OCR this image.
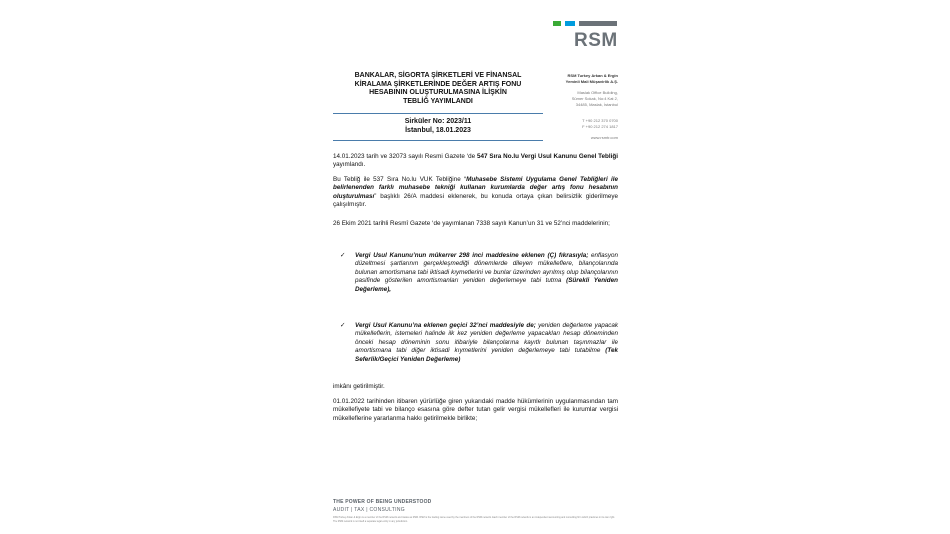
RSM
RSM Turkey Arkan & Ergin
Yeminli Mali Müşavirlik A.Ş.
Maslak Office Building,
Sümer Sokak, No:4 Kat 2,
34485, Maslak, İstanbul
T +90 212 370 0700
F +90 212 274 1817
www.rsmtr.com
BANKALAR, SİGORTA ŞİRKETLERİ VE FİNANSAL
KİRALAMA ŞİRKETLERİNDE DEĞER ARTIŞ FONU
HESABININ OLUŞTURULMASINA İLİŞKİN
TEBLİĞ YAYIMLANDI
Sirküler No: 2023/11
İstanbul, 18.01.2023
14.01.2023 tarih ve 32073 sayılı Resmi Gazete ‘de 547 Sıra No.lu Vergi Usul Kanunu Genel Tebliği yayımlandı.
Bu Tebliğ ile 537 Sıra No.lu VUK Tebliğine “Muhasebe Sistemi Uygulama Genel Tebliğleri ile belirlenenden farklı muhasebe tekniği kullanan kurumlarda değer artış fonu hesabının oluşturulması” başlıklı 26/A maddesi eklenerek, bu konuda ortaya çıkan belirsizlik giderilmeye çalışılmıştır.
26 Ekim 2021 tarihli Resmî Gazete ‘de yayımlanan 7338 sayılı Kanun’un 31 ve 52’nci maddelerinin;
✓ Vergi Usul Kanunu’nun mükerrer 298 inci maddesine eklenen (Ç) fıkrasıyla; enflasyon düzeltmesi şartlarının gerçekleşmediği dönemlerde dileyen mükelleflere, bilançolarında bulunan amortismana tabi iktisadi kıymetlerini ve bunlar üzerinden ayrılmış olup bilançolarının pasifinde gösterilen amortismanları yeniden değerlemeye tabi tutma (Sürekli Yeniden Değerleme),
✓ Vergi Usul Kanunu’na eklenen geçici 32’nci maddesiyle de; yeniden değerleme yapacak mükelleflerin, istemeleri halinde ilk kez yeniden değerleme yapacakları hesap döneminden önceki hesap döneminin sonu itibariyle bilançolarına kayıtlı bulunan taşınmazlar ile amortismana tabi diğer iktisadi kıymetlerini yeniden değerlemeye tabi tutabilme (Tek Seferlik/Geçici Yeniden Değerleme)
imkânı getirilmiştir.
01.01.2022 tarihinden itibaren yürürlüğe giren yukarıdaki madde hükümlerinin uygulanmasından tam mükellefiyete tabi ve bilanço esasına göre defter tutan gelir vergisi mükellefleri ile kurumlar vergisi mükelleflerine yararlanma hakkı getirilmekle birlikte;
THE POWER OF BEING UNDERSTOOD
AUDIT | TAX | CONSULTING
RSM Turkey Arkan & Ergin is a member of the RSM network and trades as RSM. RSM is the trading name used by the members of the RSM network. Each member of the RSM network is an independent accounting and consulting firm which practices in its own right. The RSM network is not itself a separate legal entity in any jurisdiction.
